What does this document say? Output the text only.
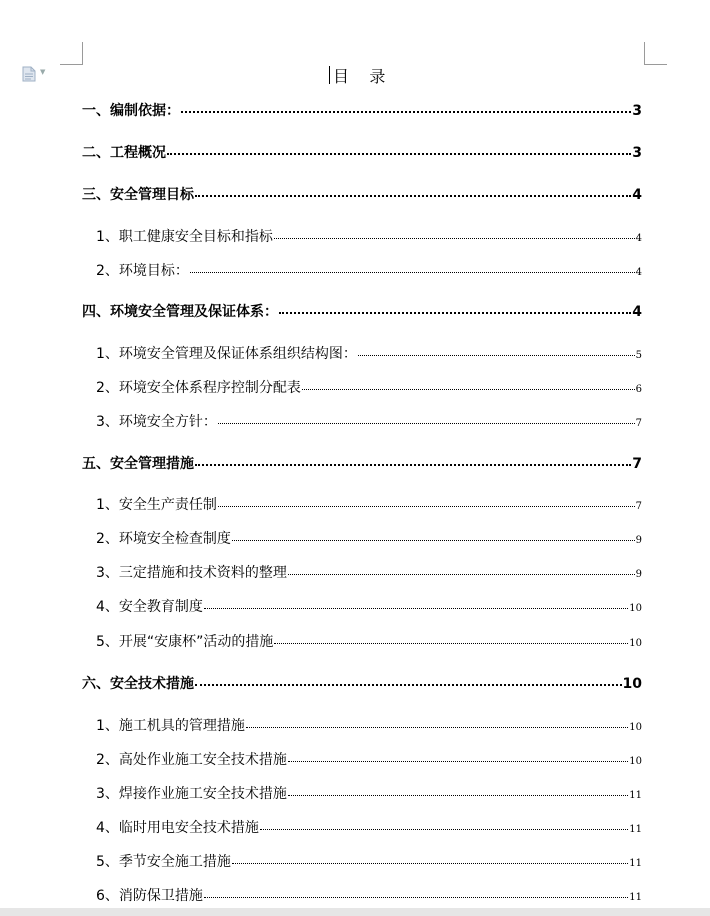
▼	目    录
一、编制依据：	3
二、工程概况	3
三、安全管理目标	4
1、职工健康安全目标和指标	4
2、环境目标：	4
四、环境安全管理及保证体系：	4
1、环境安全管理及保证体系组织结构图：	5
2、环境安全体系程序控制分配表	6
3、环境安全方针：	7
五、安全管理措施	7
1、安全生产责任制	7
2、环境安全检查制度	9
3、三定措施和技术资料的整理	9
4、安全教育制度	10
5、开展“安康杯”活动的措施	10
六、安全技术措施	10
1、施工机具的管理措施	10
2、高处作业施工安全技术措施	10
3、焊接作业施工安全技术措施	11
4、临时用电安全技术措施	11
5、季节安全施工措施	11
6、消防保卫措施	11
